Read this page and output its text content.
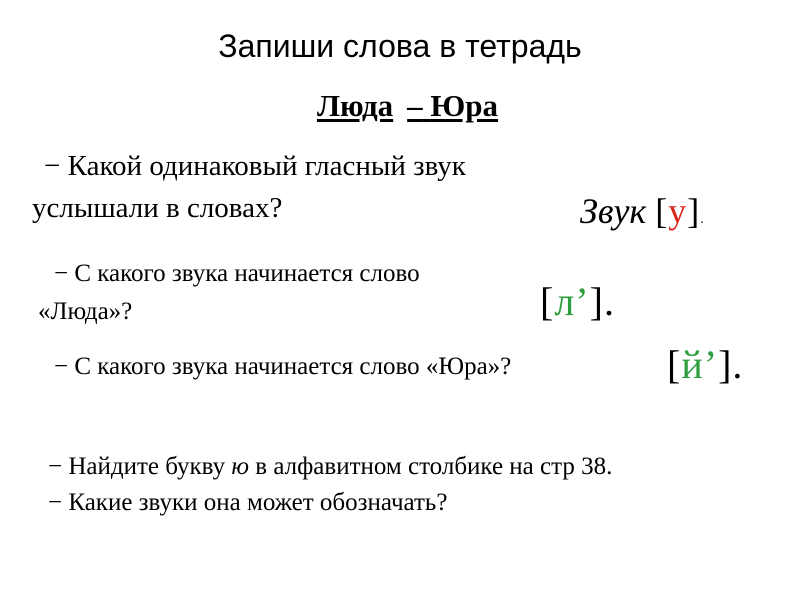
Запиши слова в тетрадь
Люда – Юра
− Какой одинаковый гласный звук
услышали в словах?	Звук [у].
− С какого звука начинается слово
«Люда»?	[л’].
− С какого звука начинается слово «Юра»?	[й’].
− Найдите букву ю в алфавитном столбике на стр 38.
− Какие звуки она может обозначать?
